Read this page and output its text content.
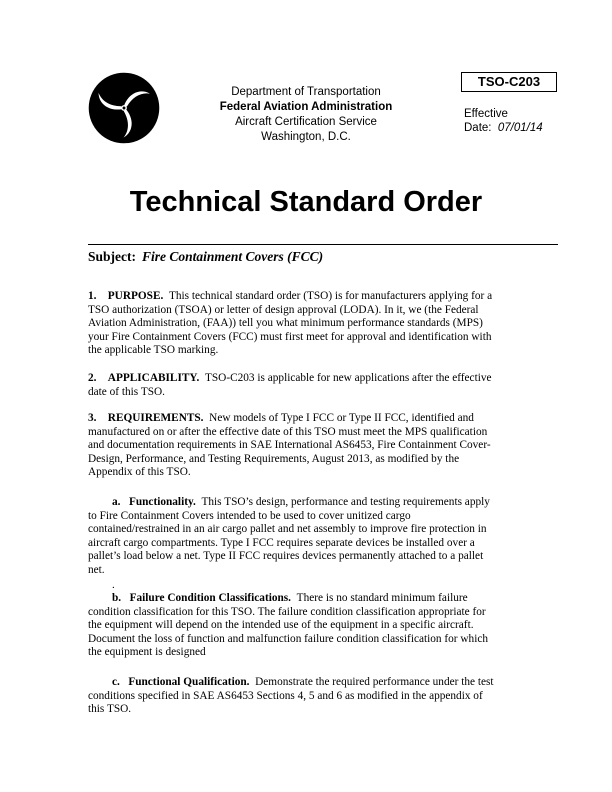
Department of Transportation
Federal Aviation Administration
Aircraft Certification Service
Washington, D.C.
TSO-C203
Effective
Date: 07/01/14
Technical Standard Order
Subject: Fire Containment Covers (FCC)
1. PURPOSE. This technical standard order (TSO) is for manufacturers applying for a
TSO authorization (TSOA) or letter of design approval (LODA). In it, we (the Federal
Aviation Administration, (FAA)) tell you what minimum performance standards (MPS)
your Fire Containment Covers (FCC) must first meet for approval and identification with
the applicable TSO marking.
2. APPLICABILITY. TSO-C203 is applicable for new applications after the effective
date of this TSO.
3. REQUIREMENTS. New models of Type I FCC or Type II FCC, identified and
manufactured on or after the effective date of this TSO must meet the MPS qualification
and documentation requirements in SAE International AS6453, Fire Containment Cover-
Design, Performance, and Testing Requirements, August 2013, as modified by the
Appendix of this TSO.
a. Functionality. This TSO’s design, performance and testing requirements apply
to Fire Containment Covers intended to be used to cover unitized cargo
contained/restrained in an air cargo pallet and net assembly to improve fire protection in
aircraft cargo compartments. Type I FCC requires separate devices be installed over a
pallet’s load below a net. Type II FCC requires devices permanently attached to a pallet
net.
.
b. Failure Condition Classifications. There is no standard minimum failure
condition classification for this TSO. The failure condition classification appropriate for
the equipment will depend on the intended use of the equipment in a specific aircraft.
Document the loss of function and malfunction failure condition classification for which
the equipment is designed
c. Functional Qualification. Demonstrate the required performance under the test
conditions specified in SAE AS6453 Sections 4, 5 and 6 as modified in the appendix of
this TSO.
